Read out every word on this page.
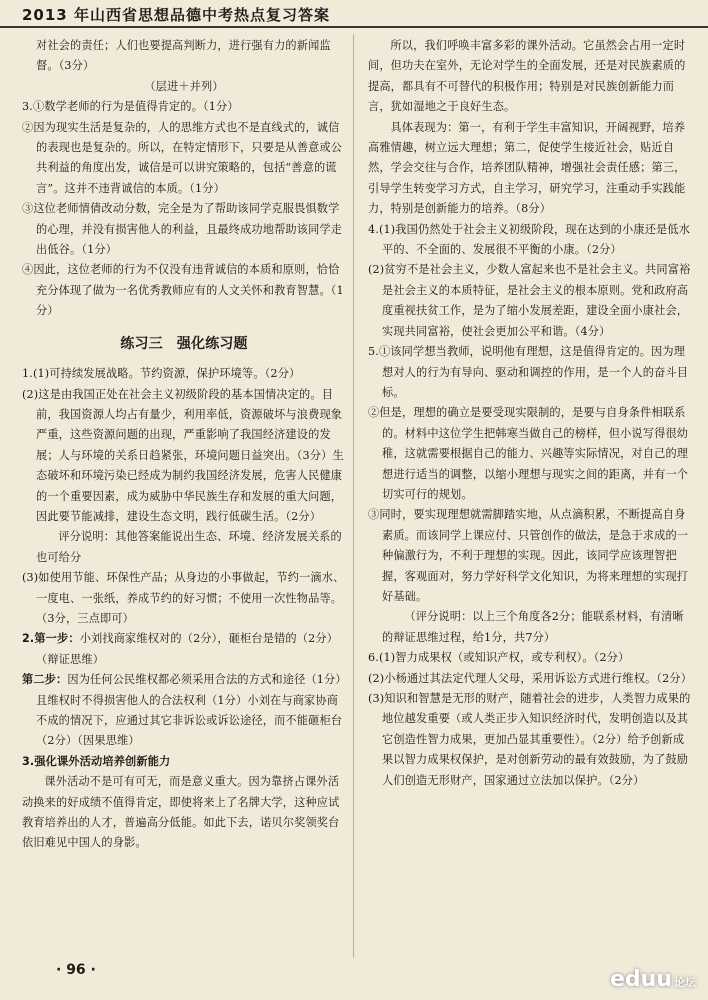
2013 年山西省思想品德中考热点复习答案

对社会的责任；人们也要提高判断力，进行强有力的新闻监督。（3分）

（层进＋并列）

3.①数学老师的行为是值得肯定的。（1分）

②因为现实生活是复杂的，人的思维方式也不是直线式的，诚信的表现也是复杂的。所以，在特定情形下，只要是从善意或公共利益的角度出发，诚信是可以讲究策略的，包括“善意的谎言”。这并不违背诚信的本质。（1分）

③这位老师情倩改动分数，完全是为了帮助该同学克服畏惧数学的心理，并没有损害他人的利益，且最终成功地帮助该同学走出低谷。（1分）

④因此，这位老师的行为不仅没有违背诚信的本质和原则，恰恰充分体现了做为一名优秀教师应有的人文关怀和教育智慧。（1分）

练习三　强化练习题

1.(1)可持续发展战略。节约资源，保护环境等。（2分）

(2)这是由我国正处在社会主义初级阶段的基本国情决定的。目前，我国资源人均占有量少，利用率低，资源破坏与浪费现象严重，这些资源问题的出现，严重影响了我国经济建设的发展；人与环境的关系日趋紧张，环境问题日益突出。（3分）生态破坏和环境污染已经成为制约我国经济发展，危害人民健康的一个重要因素，成为威胁中华民族生存和发展的重大问题，因此要节能减排，建设生态文明，践行低碳生活。（2分）

评分说明：其他答案能说出生态、环境、经济发展关系的也可给分

(3)如使用节能、环保性产品；从身边的小事做起，节约一滴水、一度电、一张纸，养成节约的好习惯；不使用一次性物品等。（3分，三点即可）

2.第一步：小刘找商家维权对的（2分），砸柜台是错的（2分）（辩证思维）

第二步：因为任何公民维权都必须采用合法的方式和途径（1分）且维权时不得损害他人的合法权利（1分）小刘在与商家协商不成的情况下，应通过其它非诉讼或诉讼途径，而不能砸柜台（2分）（因果思维）

3.强化课外活动培养创新能力

课外活动不是可有可无，而是意义重大。因为靠挤占课外活动换来的好成绩不值得肯定，即使将来上了名牌大学，这种应试教育培养出的人才，普遍高分低能。如此下去，诺贝尔奖领奖台依旧难见中国人的身影。

所以，我们呼唤丰富多彩的课外活动。它虽然会占用一定时间，但功夫在室外，无论对学生的全面发展，还是对民族素质的提高，都具有不可替代的积极作用；特别是对民族创新能力而言，犹如湿地之于良好生态。

具体表现为：第一，有利于学生丰富知识，开阔视野，培养高雅情趣，树立远大理想；第二，促使学生接近社会，贴近自然，学会交往与合作，培养团队精神，增强社会责任感；第三，引导学生转变学习方式，自主学习，研究学习，注重动手实践能力，特别是创新能力的培养。（8分）

4.(1)我国仍然处于社会主义初级阶段，现在达到的小康还是低水平的、不全面的、发展很不平衡的小康。（2分）

(2)贫穷不是社会主义，少数人富起来也不是社会主义。共同富裕是社会主义的本质特征，是社会主义的根本原则。党和政府高度重视扶贫工作，是为了缩小发展差距，建设全面小康社会，实现共同富裕，使社会更加公平和谐。（4分）

5.①该同学想当教师，说明他有理想，这是值得肯定的。因为理想对人的行为有导向、驱动和调控的作用，是一个人的奋斗目标。

②但是，理想的确立是要受现实限制的，是要与自身条件相联系的。材料中这位学生把韩寒当做自己的榜样，但小说写得很幼稚，这就需要根据自己的能力、兴趣等实际情况，对自己的理想进行适当的调整，以缩小理想与现实之间的距离，并有一个切实可行的规划。

③同时，要实现理想就需脚踏实地，从点滴积累，不断提高自身素质。而该同学上课应付、只管创作的做法，是急于求成的一种偏激行为，不利于理想的实现。因此，该同学应该理智把握，客观面对，努力学好科学文化知识，为将来理想的实现打好基础。

（评分说明：以上三个角度各2分；能联系材料，有清晰的辩证思维过程，给1分，共7分）

6.(1)智力成果权（或知识产权，或专利权）。（2分）

(2)小杨通过其法定代理人父母，采用诉讼方式进行维权。（2分）

(3)知识和智慧是无形的财产，随着社会的进步，人类智力成果的地位越发重要（或人类正步入知识经济时代，发明创造以及其它创造性智力成果，更加凸显其重要性）。（2分）给予创新成果以智力成果权保护，是对创新劳动的最有效鼓励，为了鼓励人们创造无形财产，国家通过立法加以保护。（2分）

· 96 ·	eduu 论坛
